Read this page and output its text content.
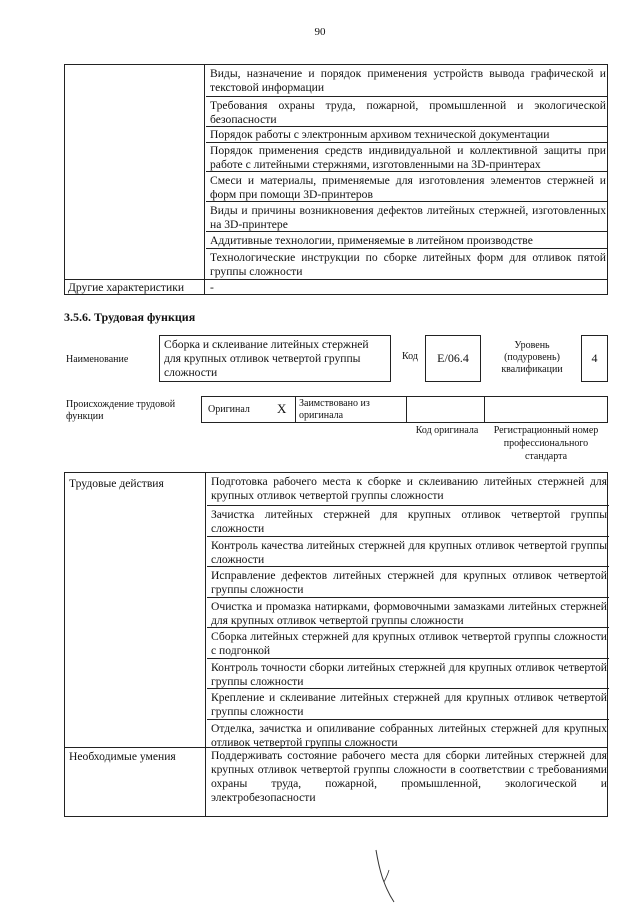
90
Виды, назначение и порядок применения устройств вывода графической и текстовой информации
Требования охраны труда, пожарной, промышленной и экологической безопасности
Порядок работы с электронным архивом технической документации
Порядок применения средств индивидуальной и коллективной защиты при работе с литейными стержнями, изготовленными на 3D-принтерах
Смеси и материалы, применяемые для изготовления элементов стержней и форм при помощи 3D-принтеров
Виды и причины возникновения дефектов литейных стержней, изготовленных на 3D-принтере
Аддитивные технологии, применяемые в литейном производстве
Технологические инструкции по сборке литейных форм для отливок пятой группы сложности
Другие характеристики -
3.5.6. Трудовая функция
Наименование
Сборка и склеивание литейных стержней для крупных отливок четвертой группы сложности
Код	E/06.4
Уровень (подуровень) квалификации
4
Происхождение трудовой функции
Оригинал X Заимствовано из оригинала
Код оригинала	Регистрационный номер профессионального стандарта
Трудовые действия	Подготовка рабочего места к сборке и склеиванию литейных стержней для крупных отливок четвертой группы сложности
Зачистка литейных стержней для крупных отливок четвертой группы сложности
Контроль качества литейных стержней для крупных отливок четвертой группы сложности
Исправление дефектов литейных стержней для крупных отливок четвертой группы сложности
Очистка и промазка натирками, формовочными замазками литейных стержней для крупных отливок четвертой группы сложности
Сборка литейных стержней для крупных отливок четвертой группы сложности с подгонкой
Контроль точности сборки литейных стержней для крупных отливок четвертой группы сложности
Крепление и склеивание литейных стержней для крупных отливок четвертой группы сложности
Отделка, зачистка и опиливание собранных литейных стержней для крупных отливок четвертой группы сложности
Необходимые умения	Поддерживать состояние рабочего места для сборки литейных стержней для крупных отливок четвертой группы сложности в соответствии с требованиями охраны труда, пожарной, промышленной, экологической и электробезопасности
